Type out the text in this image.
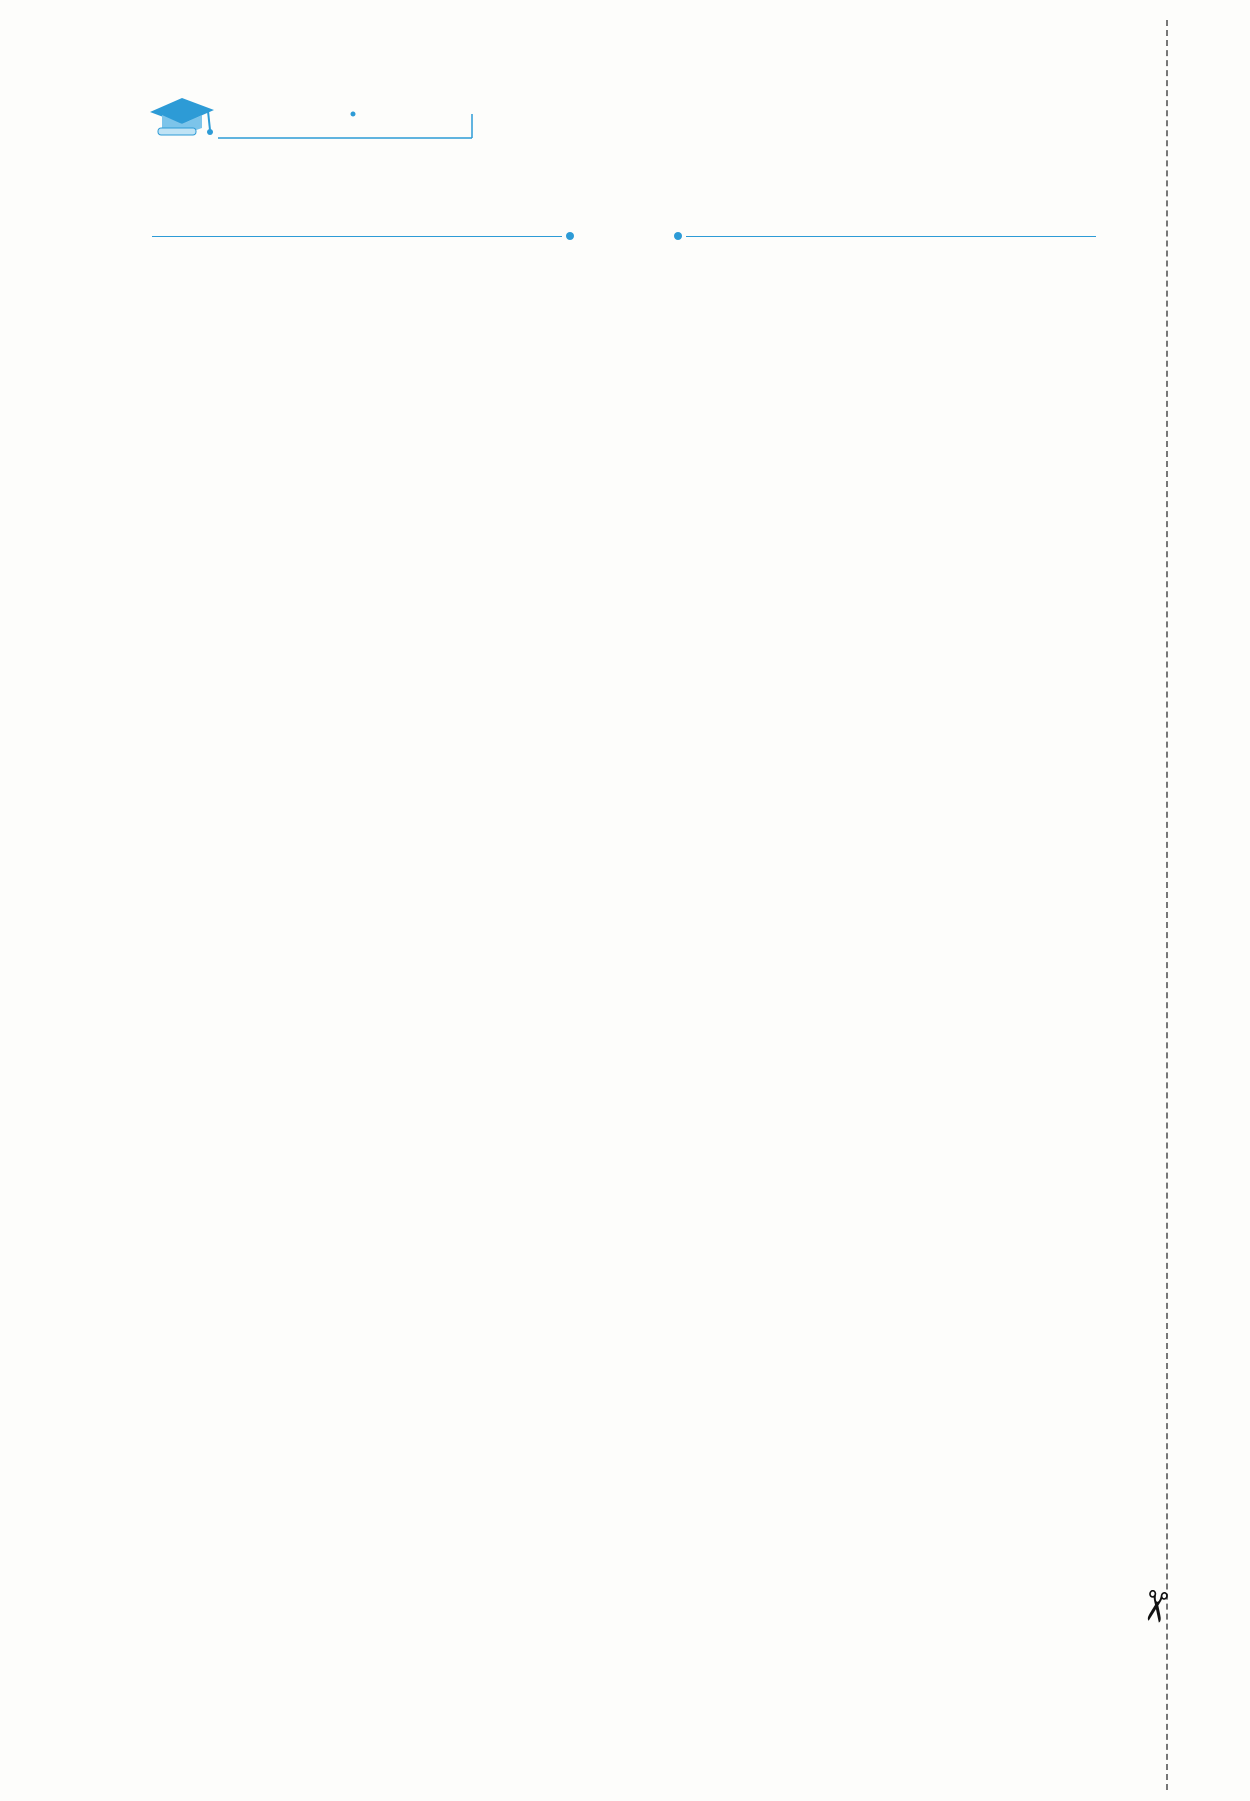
✂
